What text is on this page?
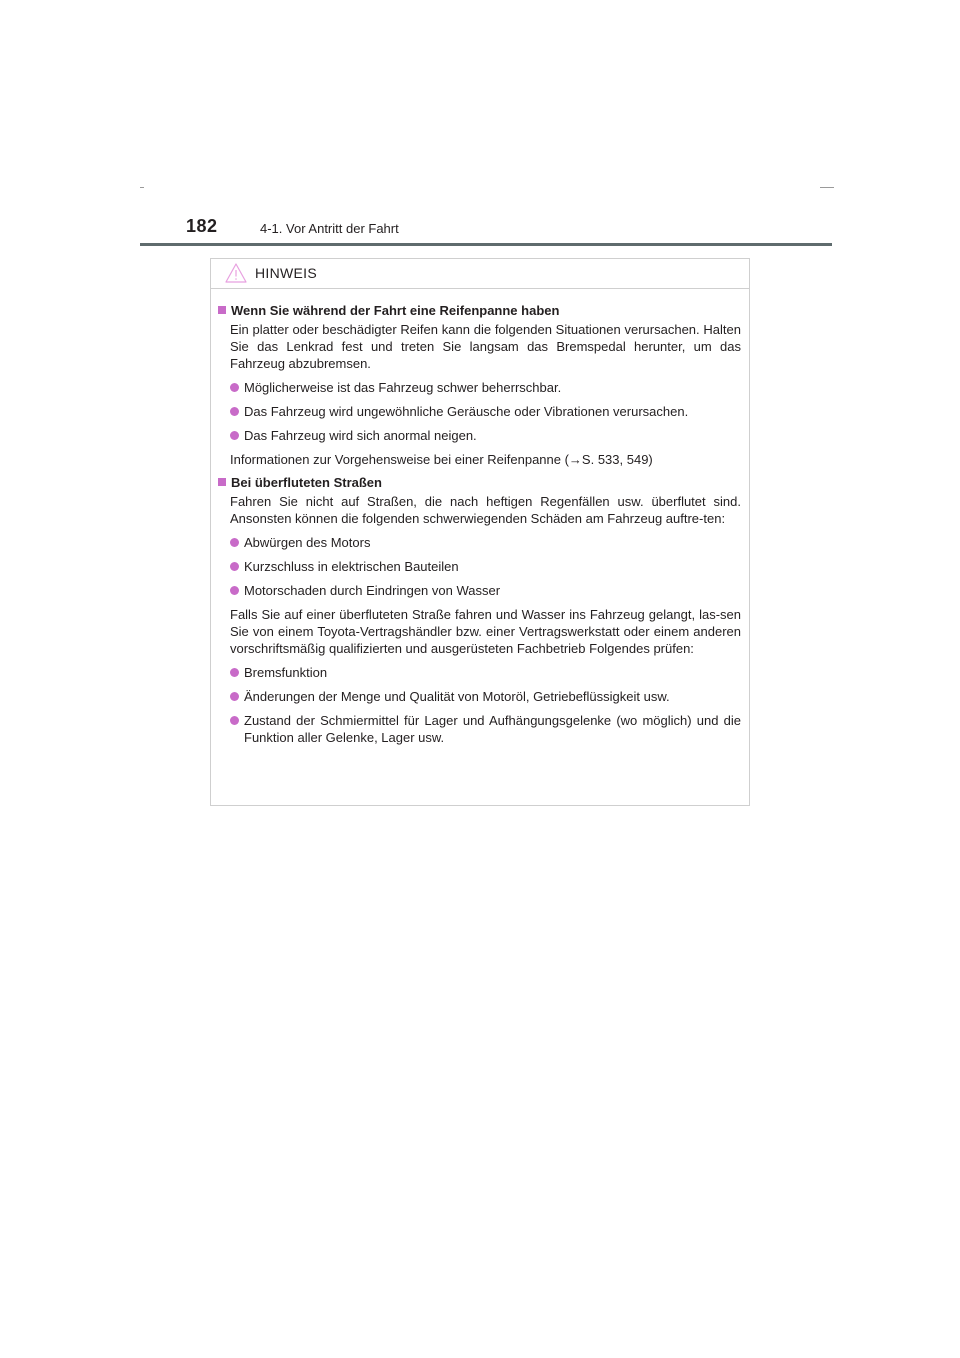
182	4-1. Vor Antritt der Fahrt
HINWEIS
Wenn Sie während der Fahrt eine Reifenpanne haben
Ein platter oder beschädigter Reifen kann die folgenden Situationen verursachen. Halten Sie das Lenkrad fest und treten Sie langsam das Bremspedal herunter, um das Fahrzeug abzubremsen.
Möglicherweise ist das Fahrzeug schwer beherrschbar.
Das Fahrzeug wird ungewöhnliche Geräusche oder Vibrationen verursachen.
Das Fahrzeug wird sich anormal neigen.
Informationen zur Vorgehensweise bei einer Reifenpanne (→S. 533, 549)
Bei überfluteten Straßen
Fahren Sie nicht auf Straßen, die nach heftigen Regenfällen usw. überflutet sind. Ansonsten können die folgenden schwerwiegenden Schäden am Fahrzeug auftre-ten:
Abwürgen des Motors
Kurzschluss in elektrischen Bauteilen
Motorschaden durch Eindringen von Wasser
Falls Sie auf einer überfluteten Straße fahren und Wasser ins Fahrzeug gelangt, las-sen Sie von einem Toyota-Vertragshändler bzw. einer Vertragswerkstatt oder einem anderen vorschriftsmäßig qualifizierten und ausgerüsteten Fachbetrieb Folgendes prüfen:
Bremsfunktion
Änderungen der Menge und Qualität von Motoröl, Getriebeflüssigkeit usw.
Zustand der Schmiermittel für Lager und Aufhängungsgelenke (wo möglich) und die Funktion aller Gelenke, Lager usw.
